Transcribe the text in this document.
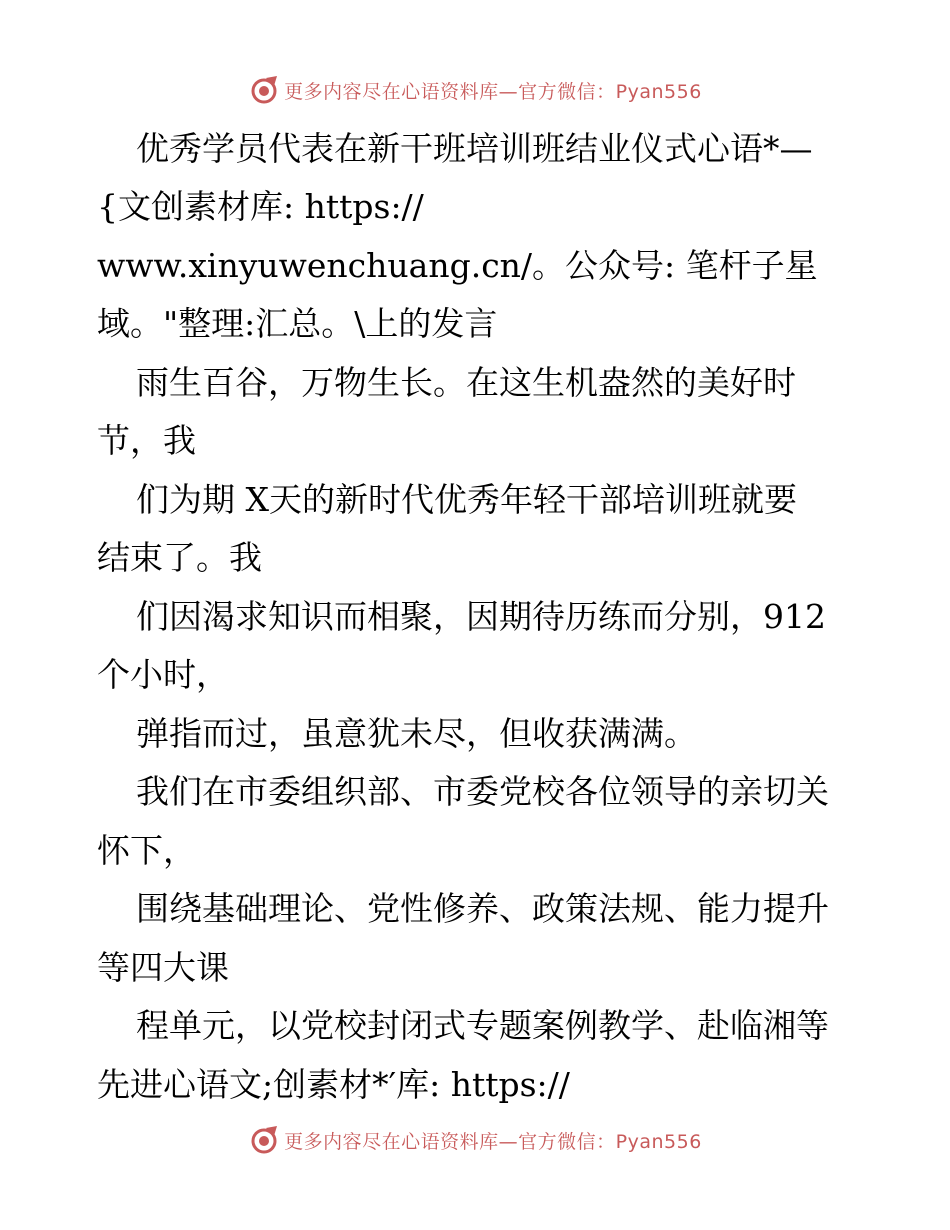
更多内容尽在心语资料库—官方微信：Pyan556
优秀学员代表在新干班培训班结业仪式心语*—
{文创素材库: https://
www.xinyuwenchuang.cn/。公众号: 笔杆子星
域。"整理:汇总。\上的发言
雨生百谷，万物生长。在这生机盎然的美好时
节，我
们为期 X天的新时代优秀年轻干部培训班就要
结束了。我
们因渴求知识而相聚，因期待历练而分别，912
个小时，
弹指而过，虽意犹未尽，但收获满满。
我们在市委组织部、市委党校各位领导的亲切关
怀下，
围绕基础理论、党性修养、政策法规、能力提升
等四大课
程单元，以党校封闭式专题案例教学、赴临湘等
先进心语文;创素材*′库: https://
更多内容尽在心语资料库—官方微信：Pyan556
